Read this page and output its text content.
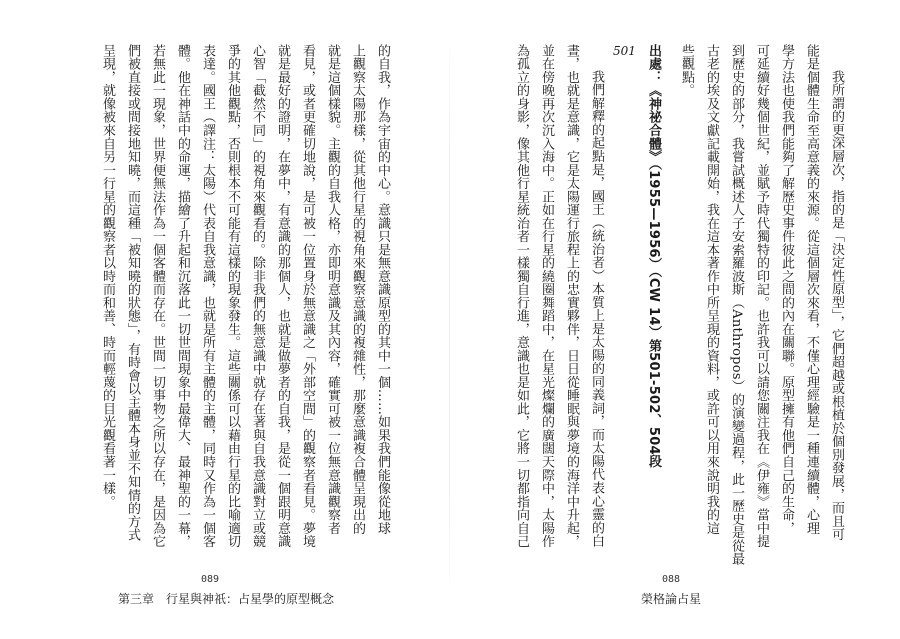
我所謂的更深層次，指的是「決定性原型」，它們超越或根植於個別發展，而且可
能是個體生命至高意義的來源。從這個層次來看，不僅心理經驗是一種連續體，心理
學方法也使我們能夠了解歷史事件彼此之間的內在關聯。原型擁有他們自己的生命，
可延續好幾個世紀，並賦予時代獨特的印記。也許我可以請您關注我在《伊雍》當中提
到歷史的部分，我嘗試概述人子安索羅波斯（Anthropos）的演變過程，此一歷史是從最
古老的埃及文獻記載開始，我在這本著作中所呈現的資料，或許可以用來說明我的這
些觀點。
出處：《神祕合體》（1955—1956）（CW 14）第501-502、504段
501
我們解釋的起點是，國王（統治者）本質上是太陽的同義詞，而太陽代表心靈的白
晝，也就是意識，它是太陽運行旅程上的忠實夥伴，日日從睡眠與夢境的海洋中升起，
並在傍晚再次沉入海中。正如在行星的繞圈舞蹈中，在星光燦爛的廣闊天際中，太陽作
為孤立的身影，像其他行星統治者一樣獨自行進，意識也是如此，它將一切都指向自己
088
榮格論占星
的自我，作為宇宙的中心。意識只是無意識原型的其中一個……如果我們能像從地球
上觀察太陽那樣，從其他行星的視角來觀察意識的複雜性，那麼意識複合體呈現出的
就是這個樣貌。主觀的自我人格，亦即明意識及其內容，確實可被一位無意識觀察者
看見，或者更確切地說，是可被一位置身於無意識之「外部空間」的觀察者看見。夢境
就是最好的證明，在夢中，有意識的那個人，也就是做夢者的自我，是從一個跟明意識
心智「截然不同」的視角來觀看的。除非我們的無意識中就存在著與自我意識對立或競
爭的其他觀點，否則根本不可能有這樣的現象發生。這些關係可以藉由行星的比喻適切
表達。國王（譯注：太陽）代表自我意識，也就是所有主體的主體，同時又作為一個客
體。他在神話中的命運，描繪了升起和沉落此一切世間現象中最偉大、最神聖的一幕，
若無此一現象，世界便無法作為一個客體而存在。世間一切事物之所以存在，是因為它
們被直接或間接地知曉，而這種「被知曉的狀態」，有時會以主體本身並不知情的方式
呈現，就像被來自另一行星的觀察者以時而和善、時而輕蔑的目光觀看著一樣。
089
第三章　行星與神祇：占星學的原型概念
